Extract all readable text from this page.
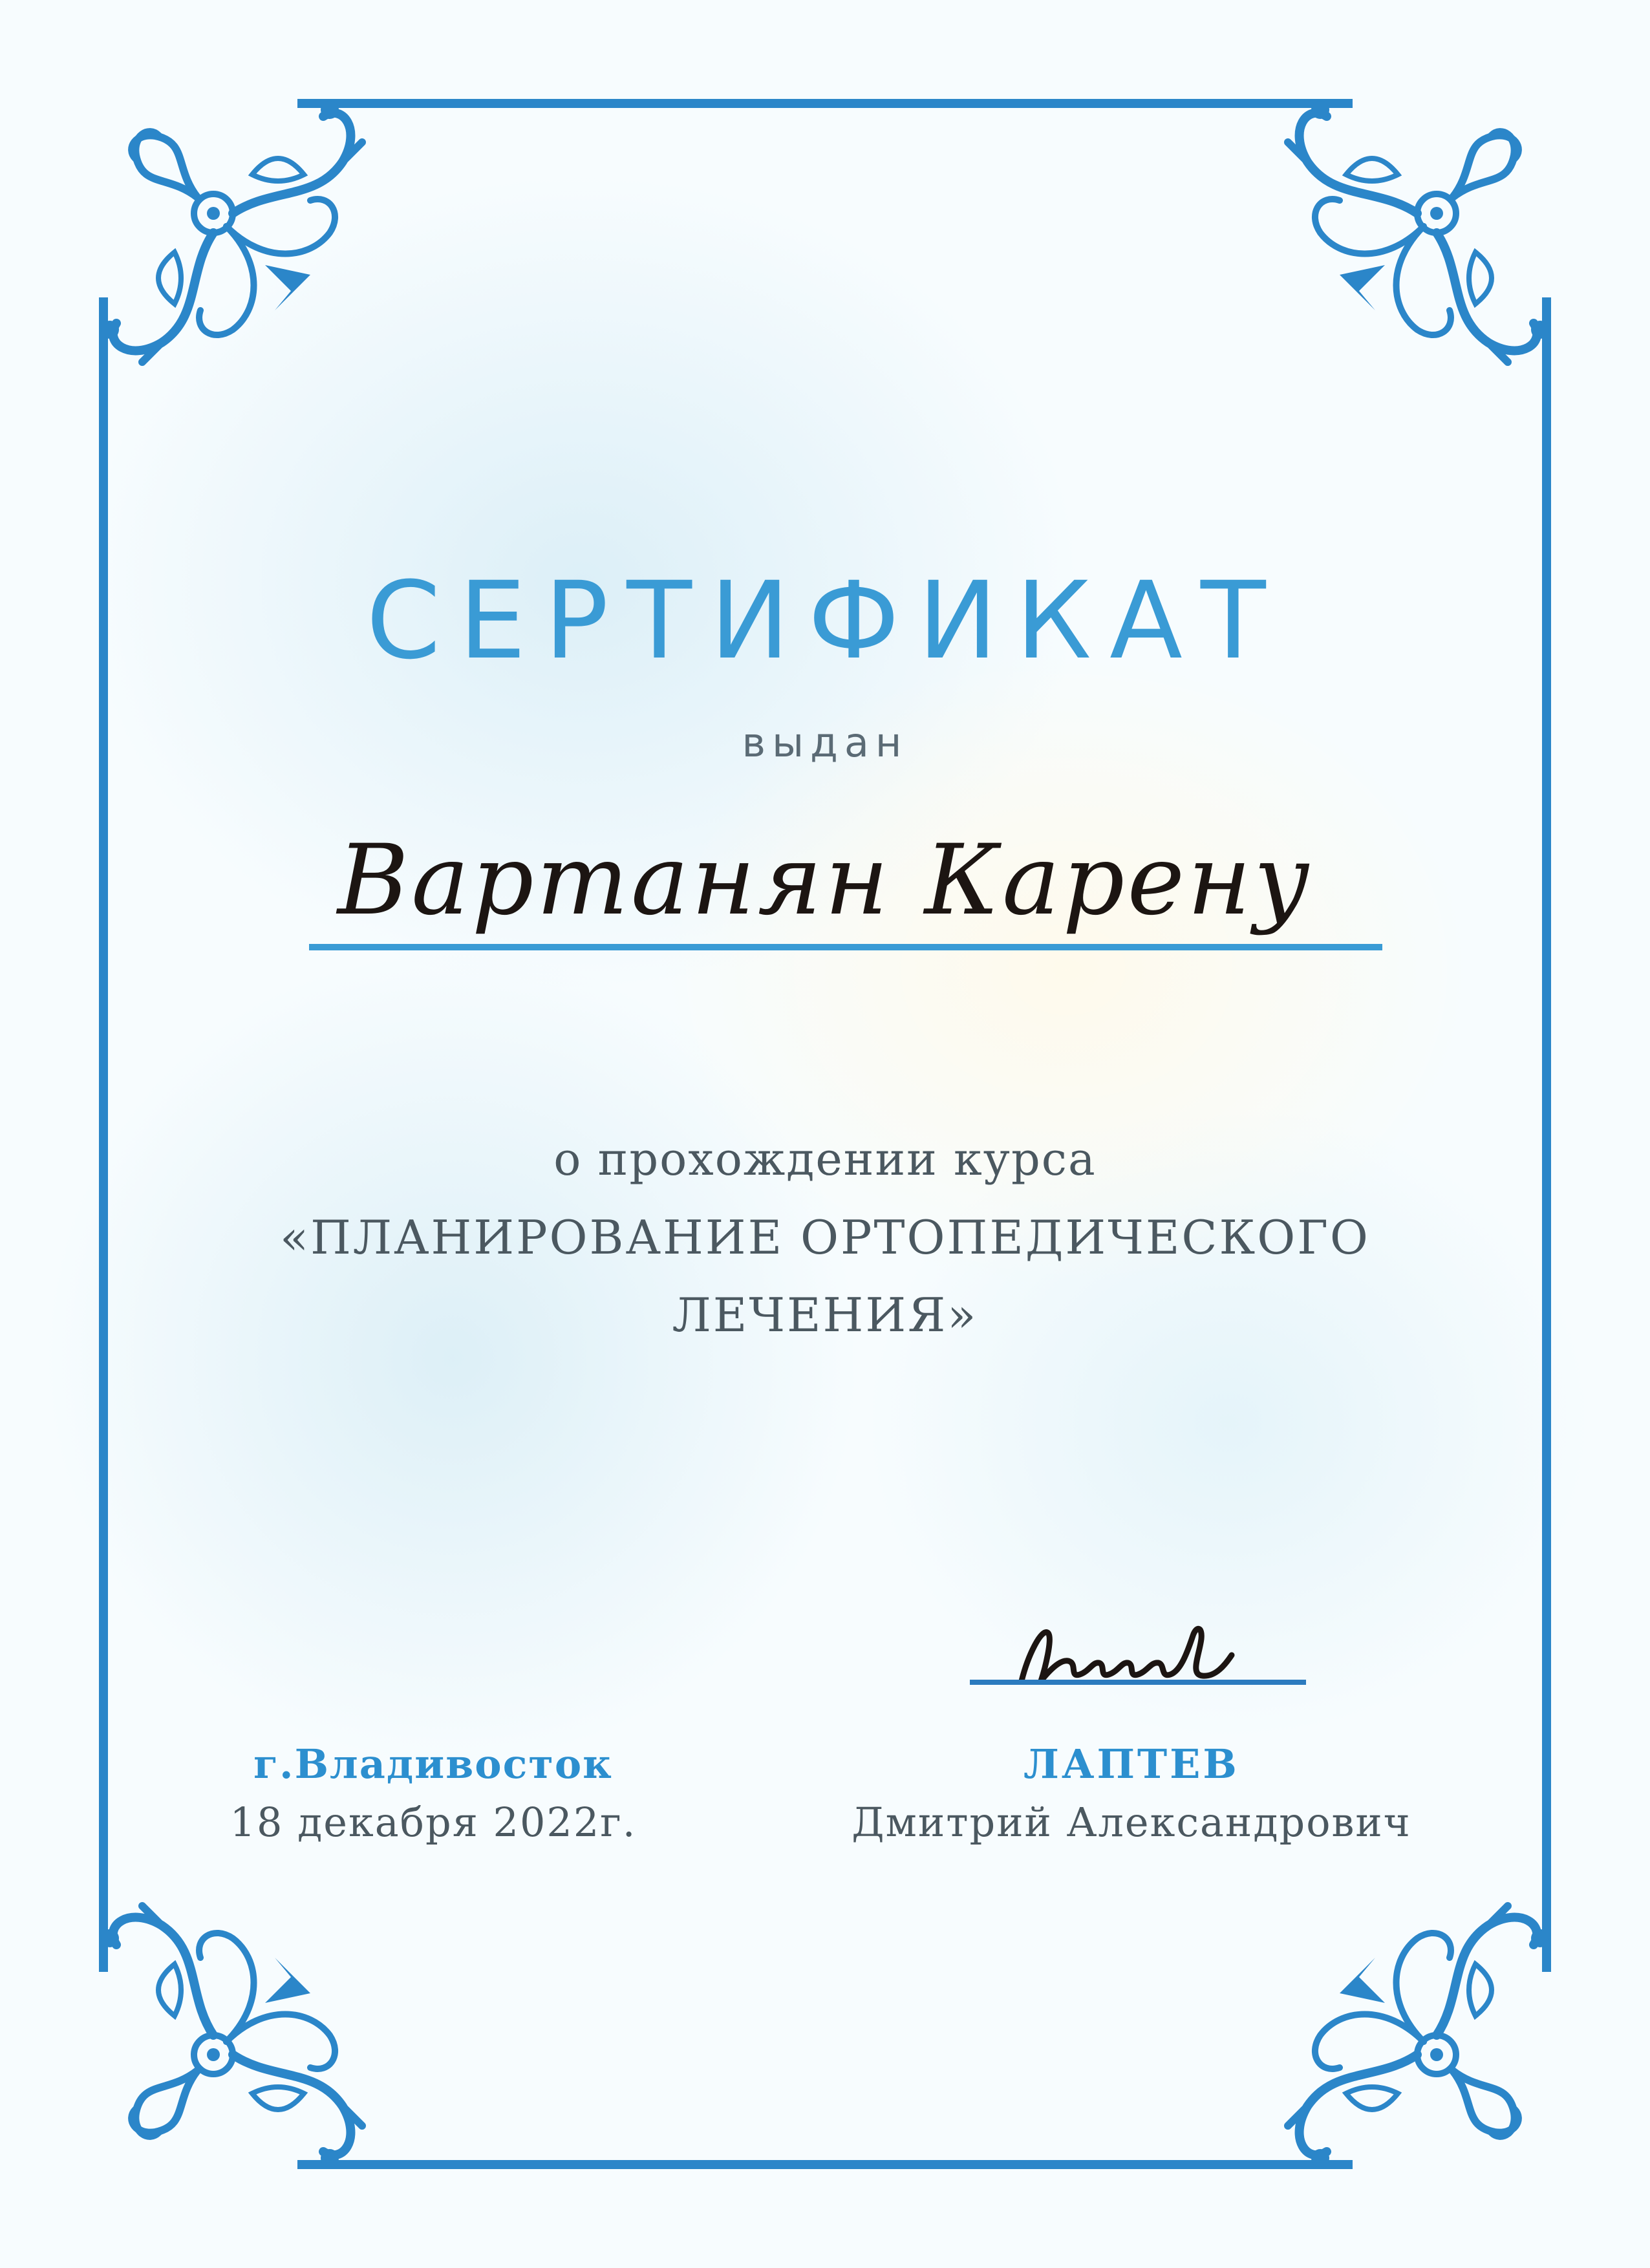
СЕРТИФИКАТ

выдан

Вартанян Карену

о прохождении курса

«ПЛАНИРОВАНИЕ ОРТОПЕДИЧЕСКОГО

ЛЕЧЕНИЯ»

г.Владивосток

18 декабря 2022г.

ЛАПТЕВ

Дмитрий Александрович
